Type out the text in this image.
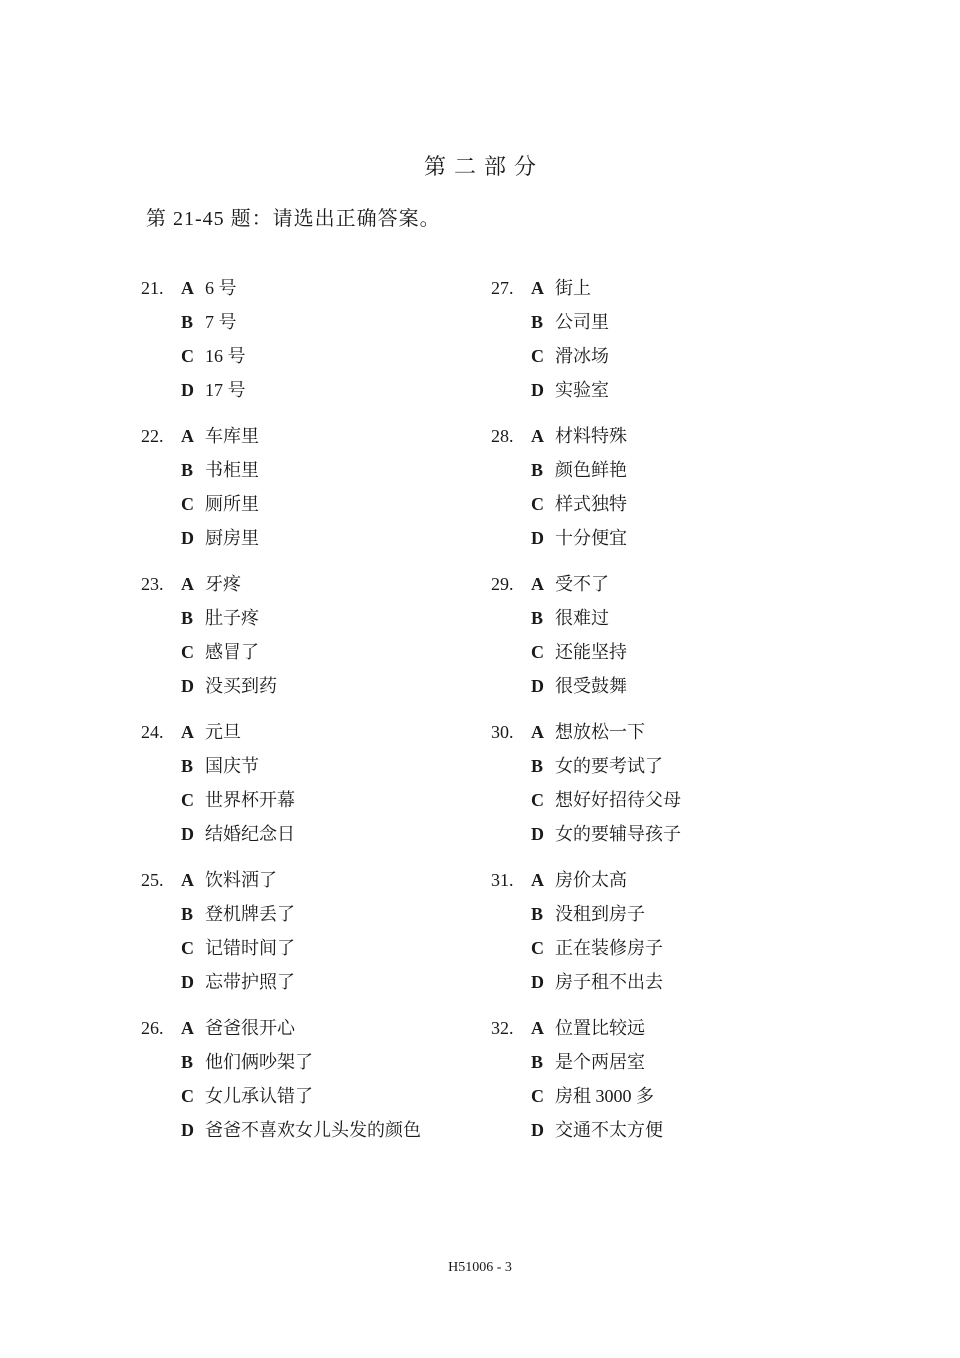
第二部分
第 21-45 题：请选出正确答案。
21. A 6 号
B 7 号
C 16 号
D 17 号
22. A 车库里
B 书柜里
C 厕所里
D 厨房里
23. A 牙疼
B 肚子疼
C 感冒了
D 没买到药
24. A 元旦
B 国庆节
C 世界杯开幕
D 结婚纪念日
25. A 饮料洒了
B 登机牌丢了
C 记错时间了
D 忘带护照了
26. A 爸爸很开心
B 他们俩吵架了
C 女儿承认错了
D 爸爸不喜欢女儿头发的颜色
27. A 街上
B 公司里
C 滑冰场
D 实验室
28. A 材料特殊
B 颜色鲜艳
C 样式独特
D 十分便宜
29. A 受不了
B 很难过
C 还能坚持
D 很受鼓舞
30. A 想放松一下
B 女的要考试了
C 想好好招待父母
D 女的要辅导孩子
31. A 房价太高
B 没租到房子
C 正在装修房子
D 房子租不出去
32. A 位置比较远
B 是个两居室
C 房租 3000 多
D 交通不太方便
H51006 - 3
